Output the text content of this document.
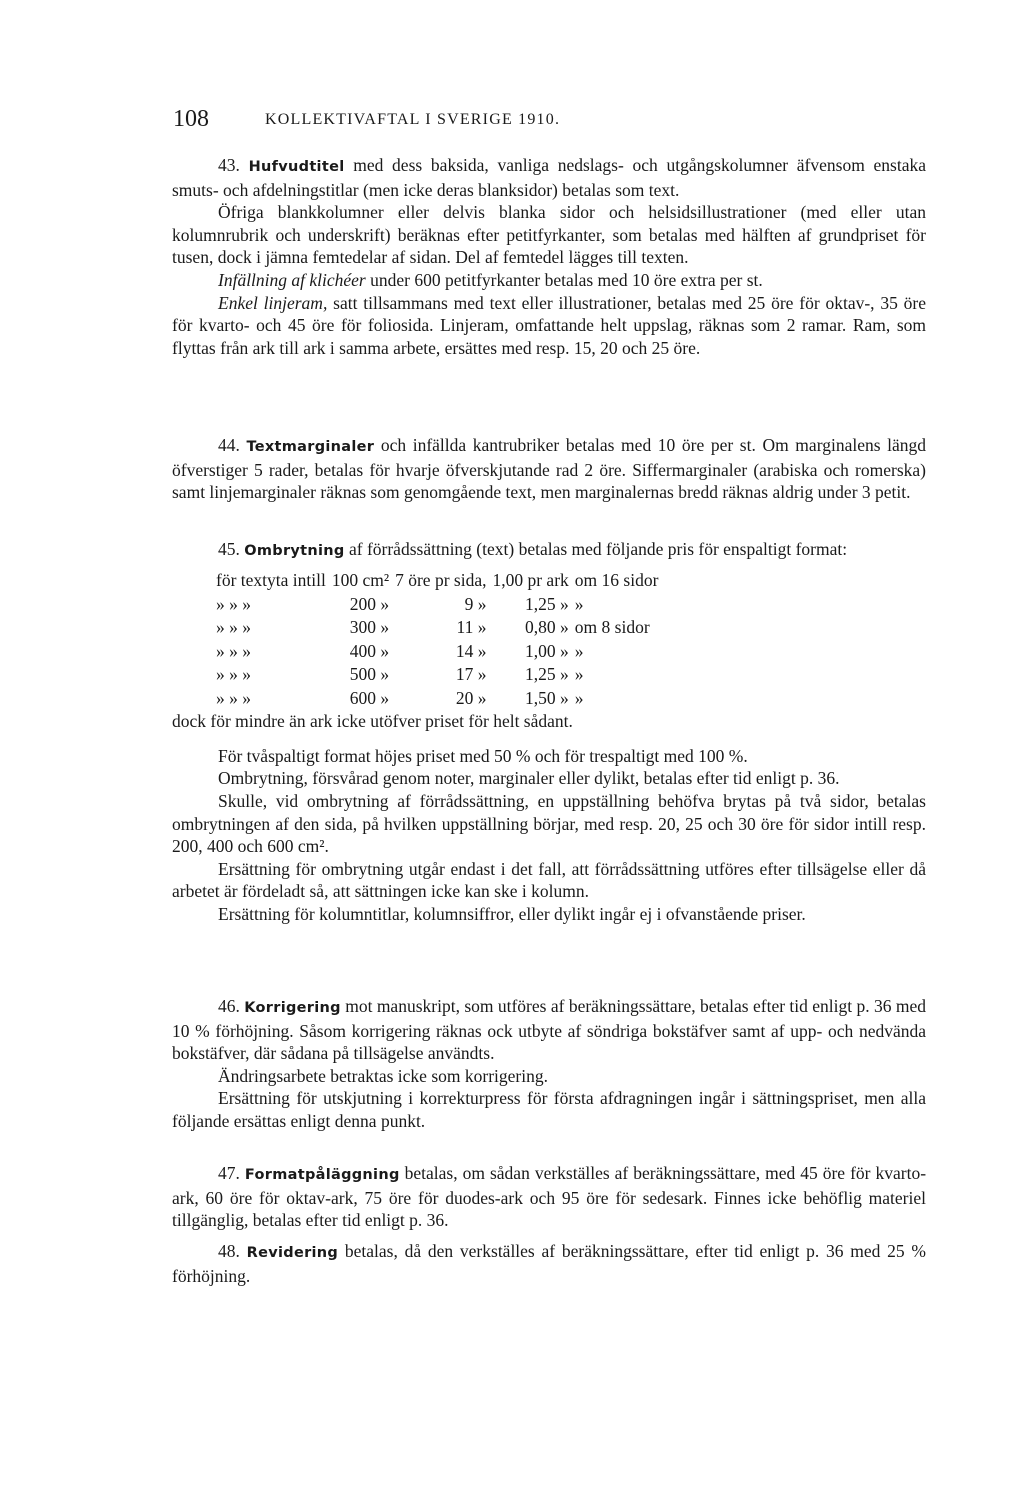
108	KOLLEKTIVAFTAL I SVERIGE 1910.

43. Hufvudtitel med dess baksida, vanliga nedslags- och utgångskolumner äfvensom enstaka smuts- och afdelningstitlar (men icke deras blanksidor) betalas som text.

Öfriga blankkolumner eller delvis blanka sidor och helsidsillustrationer (med eller utan kolumnrubrik och underskrift) beräknas efter petitfyrkanter, som betalas med hälften af grundpriset för tusen, dock i jämna femtedelar af sidan. Del af femtedel lägges till texten.

Infällning af klichéer under 600 petitfyrkanter betalas med 10 öre extra per st.

Enkel linjeram, satt tillsammans med text eller illustrationer, betalas med 25 öre för oktav-, 35 öre för kvarto- och 45 öre för foliosida. Linjeram, omfattande helt uppslag, räknas som 2 ramar. Ram, som flyttas från ark till ark i samma arbete, ersättes med resp. 15, 20 och 25 öre.

44. Textmarginaler och infällda kantrubriker betalas med 10 öre per st. Om marginalens längd öfverstiger 5 rader, betalas för hvarje öfverskjutande rad 2 öre. Siffermarginaler (arabiska och romerska) samt linjemarginaler räknas som genomgående text, men marginalernas bredd räknas aldrig under 3 petit.

45. Ombrytning af förrådssättning (text) betalas med följande pris för enspaltigt format:

för textyta intill	100 cm²	7 öre pr sida,	1,00 pr ark	om 16 sidor
» » »	200 »	9 »	1,25 »	»
» » »	300 »	11 »	0,80 »	om 8 sidor
» » »	400 »	14 »	1,00 »	»
» » »	500 »	17 »	1,25 »	»
» » »	600 »	20 »	1,50 »	»

dock för mindre än ark icke utöfver priset för helt sådant.

För tvåspaltigt format höjes priset med 50 % och för trespaltigt med 100 %.

Ombrytning, försvårad genom noter, marginaler eller dylikt, betalas efter tid enligt p. 36.

Skulle, vid ombrytning af förrådssättning, en uppställning behöfva brytas på två sidor, betalas ombrytningen af den sida, på hvilken uppställning börjar, med resp. 20, 25 och 30 öre för sidor intill resp. 200, 400 och 600 cm².

Ersättning för ombrytning utgår endast i det fall, att förrådssättning utföres efter tillsägelse eller då arbetet är fördeladt så, att sättningen icke kan ske i kolumn.

Ersättning för kolumntitlar, kolumnsiffror, eller dylikt ingår ej i ofvanstående priser.

46. Korrigering mot manuskript, som utföres af beräkningssättare, betalas efter tid enligt p. 36 med 10 % förhöjning. Såsom korrigering räknas ock utbyte af söndriga bokstäfver samt af upp- och nedvända bokstäfver, där sådana på tillsägelse användts.

Ändringsarbete betraktas icke som korrigering.

Ersättning för utskjutning i korrekturpress för första afdragningen ingår i sättningspriset, men alla följande ersättas enligt denna punkt.

47. Formatpåläggning betalas, om sådan verkställes af beräkningssättare, med 45 öre för kvarto-ark, 60 öre för oktav-ark, 75 öre för duodes-ark och 95 öre för sedesark. Finnes icke behöflig materiel tillgänglig, betalas efter tid enligt p. 36.

48. Revidering betalas, då den verkställes af beräkningssättare, efter tid enligt p. 36 med 25 % förhöjning.
